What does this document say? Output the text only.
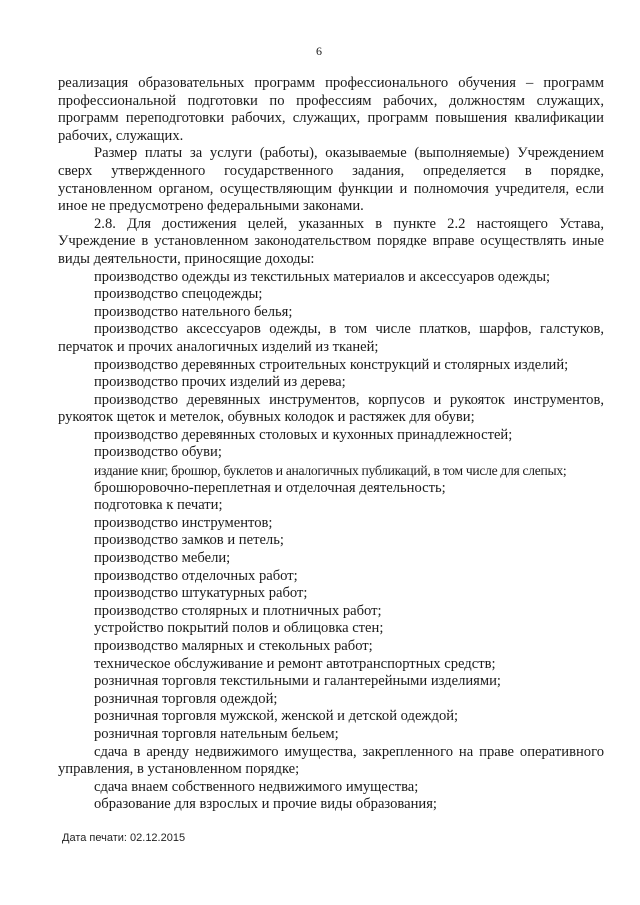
6

реализация образовательных программ профессионального обучения – программ профессиональной подготовки по профессиям рабочих, должностям служащих, программ переподготовки рабочих, служащих, программ повышения квалификации рабочих, служащих.

Размер платы за услуги (работы), оказываемые (выполняемые) Учреждением сверх утвержденного государственного задания, определяется в порядке, установленном органом, осуществляющим функции и полномочия учредителя, если иное не предусмотрено федеральными законами.

2.8. Для достижения целей, указанных в пункте 2.2 настоящего Устава, Учреждение в установленном законодательством порядке вправе осуществлять иные виды деятельности, приносящие доходы:

производство одежды из текстильных материалов и аксессуаров одежды;

производство спецодежды;

производство нательного белья;

производство аксессуаров одежды, в том числе платков, шарфов, галстуков, перчаток и прочих аналогичных изделий из тканей;

производство деревянных строительных конструкций и столярных изделий;

производство прочих изделий из дерева;

производство деревянных инструментов, корпусов и рукояток инструментов, рукояток щеток и метелок, обувных колодок и растяжек для обуви;

производство деревянных столовых и кухонных принадлежностей;

производство обуви;

издание книг, брошюр, буклетов и аналогичных публикаций, в том числе для слепых;

брошюровочно-переплетная и отделочная деятельность;

подготовка к печати;

производство инструментов;

производство замков и петель;

производство мебели;

производство отделочных работ;

производство штукатурных работ;

производство столярных и плотничных работ;

устройство покрытий полов и облицовка стен;

производство малярных и стекольных работ;

техническое обслуживание и ремонт автотранспортных средств;

розничная торговля текстильными и галантерейными изделиями;

розничная торговля одеждой;

розничная торговля мужской, женской и детской одеждой;

розничная торговля нательным бельем;

сдача в аренду недвижимого имущества, закрепленного на праве оперативного управления, в установленном порядке;

сдача внаем собственного недвижимого имущества;

образование для взрослых и прочие виды образования;

Дата печати: 02.12.2015
